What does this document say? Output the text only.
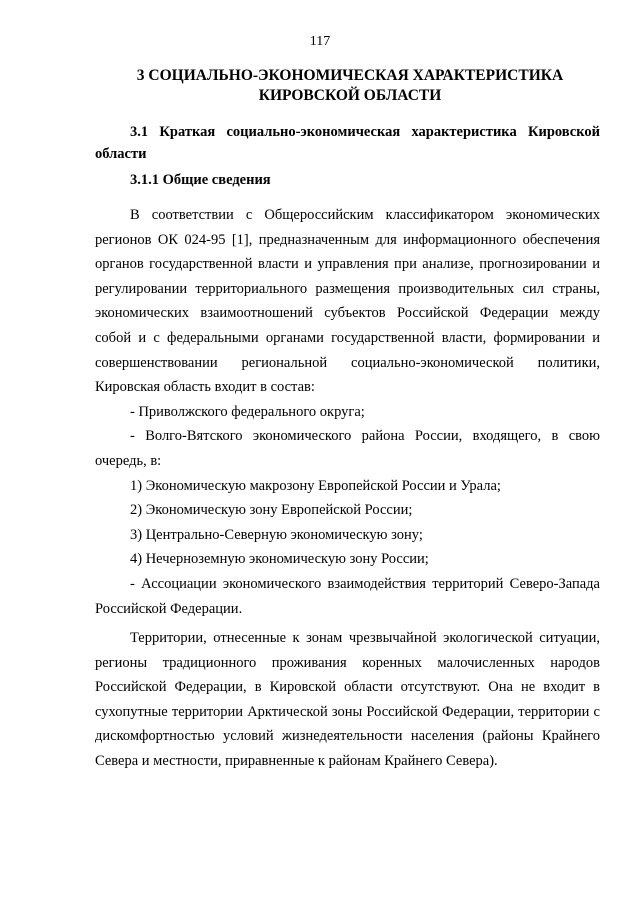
117
3 СОЦИАЛЬНО-ЭКОНОМИЧЕСКАЯ ХАРАКТЕРИСТИКА
КИРОВСКОЙ ОБЛАСТИ
3.1 Краткая социально-экономическая характеристика Кировской
области
3.1.1 Общие сведения

В соответствии с Общероссийским классификатором экономических регионов ОК 024-95 [1], предназначенным для информационного обеспечения органов государственной власти и управления при анализе, прогнозировании и регулировании территориального размещения производительных сил страны, экономических взаимоотношений субъектов Российской Федерации между собой и с федеральными органами государственной власти, формировании и совершенствовании региональной социально-экономической политики, Кировская область входит в состав:

- Приволжского федерального округа;

- Волго-Вятского экономического района России, входящего, в свою очередь, в:

1) Экономическую макрозону Европейской России и Урала;

2) Экономическую зону Европейской России;

3) Центрально-Северную экономическую зону;

4) Нечерноземную экономическую зону России;

- Ассоциации экономического взаимодействия территорий Северо-Запада Российской Федерации.

Территории, отнесенные к зонам чрезвычайной экологической ситуации, регионы традиционного проживания коренных малочисленных народов Российской Федерации, в Кировской области отсутствуют. Она не входит в сухопутные территории Арктической зоны Российской Федерации, территории с дискомфортностью условий жизнедеятельности населения (районы Крайнего Севера и местности, приравненные к районам Крайнего Севера).
